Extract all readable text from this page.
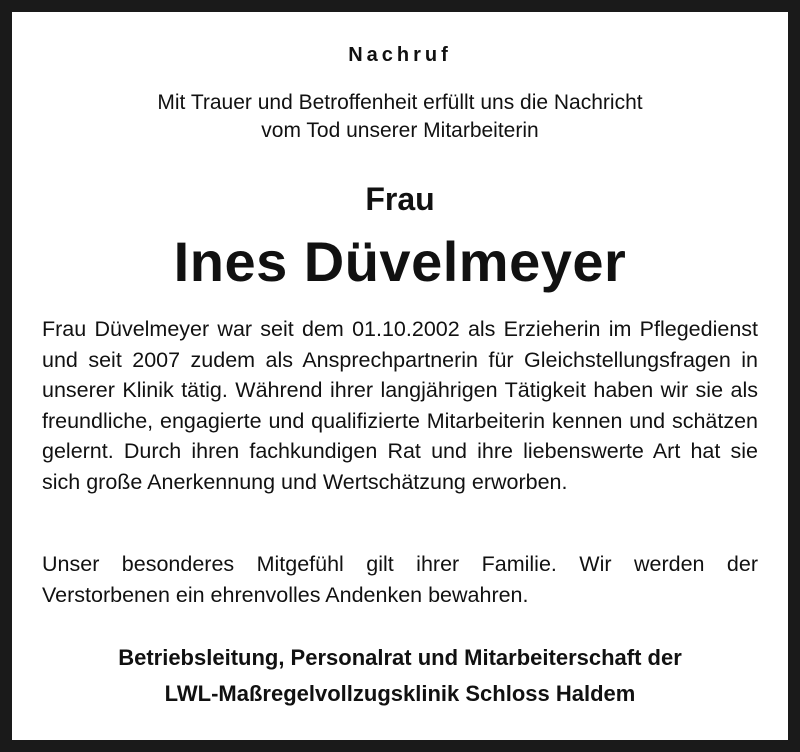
Nachruf

Mit Trauer und Betroffenheit erfüllt uns die Nachricht
vom Tod unserer Mitarbeiterin

Frau

Ines Düvelmeyer

Frau Düvelmeyer war seit dem 01.10.2002 als Erzieherin im Pflegedienst und seit 2007 zudem als Ansprechpartnerin für Gleichstellungsfragen in unserer Klinik tätig. Während ihrer langjährigen Tätigkeit haben wir sie als freundliche, engagierte und qualifizierte Mitarbeiterin kennen und schätzen gelernt. Durch ihren fachkundigen Rat und ihre liebenswerte Art hat sie sich große Anerkennung und Wertschätzung erworben.

Unser besonderes Mitgefühl gilt ihrer Familie. Wir werden der Verstorbenen ein ehrenvolles Andenken bewahren.

Betriebsleitung, Personalrat und Mitarbeiterschaft der
LWL-Maßregelvollzugsklinik Schloss Haldem
